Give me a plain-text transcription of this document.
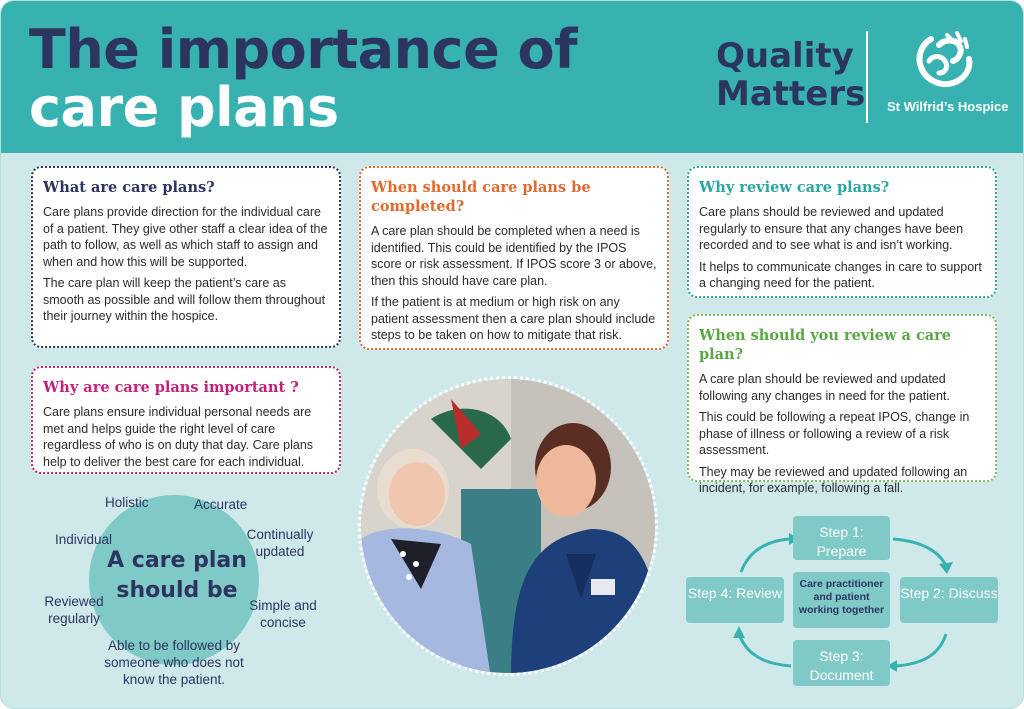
The importance of
care plans
Quality
Matters St Wilfrid’s Hospice
What are care plans?

Care plans provide direction for the individual care of a patient. They give other staff a clear idea of the path to follow, as well as which staff to assign and when and how this will be supported.

The care plan will keep the patient’s care as smooth as possible and will follow them throughout their journey within the hospice.

Why are care plans important ?

Care plans ensure individual personal needs are met and helps guide the right level of care regardless of who is on duty that day. Care plans help to deliver the best care for each individual.

When should care plans be completed?

A care plan should be completed when a need is identified. This could be identified by the IPOS score or risk assessment. If IPOS score 3 or above, then this should have care plan.

If the patient is at medium or high risk on any patient assessment then a care plan should include steps to be taken on how to mitigate that risk.

Why review care plans?

Care plans should be reviewed and updated regularly to ensure that any changes have been recorded and to see what is and isn’t working.

It helps to communicate changes in care to support a changing need for the patient.

When should you review a care plan?

A care plan should be reviewed and updated following any changes in need for the patient.

This could be following a repeat IPOS, change in phase of illness or following a review of a risk assessment.

They may be reviewed and updated following an incident, for example, following a fall.

A care plan should be
Holistic	Accurate
Individual	Continually updated
Reviewed regularly
Simple and concise
Able to be followed by someone who does not know the patient.
Step 1: Prepare
Step 2: Discuss
Step 3: Document
Step 4: Review
Care practitioner and patient working together
